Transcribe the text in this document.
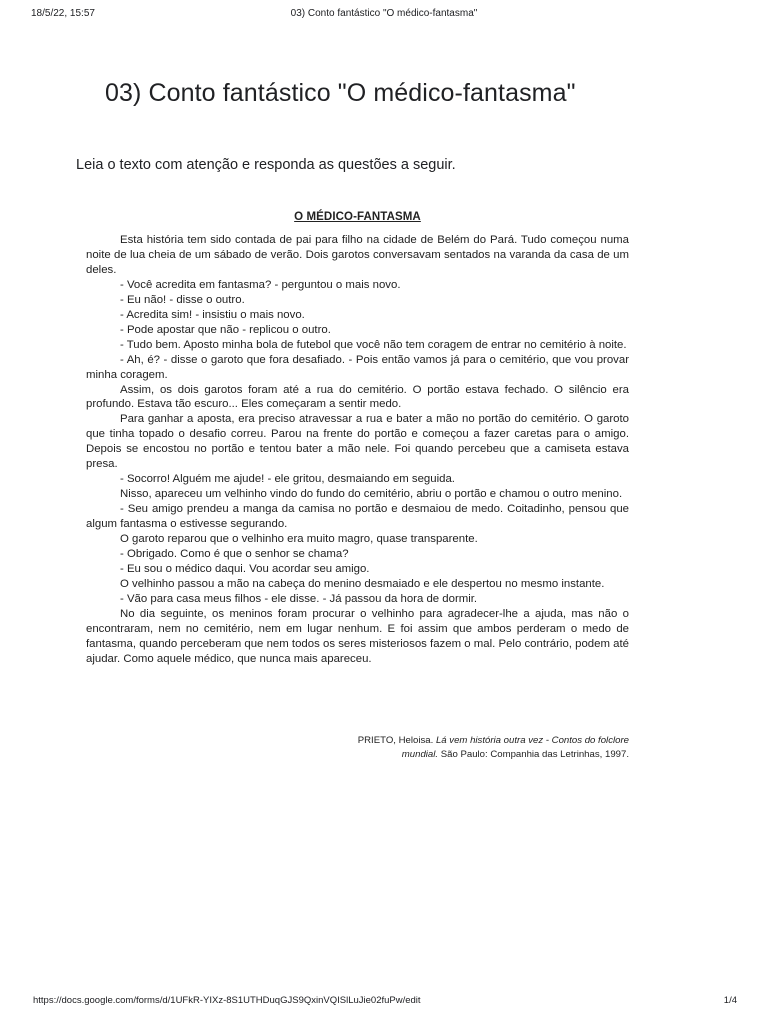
18/5/22, 15:57	03) Conto fantástico "O médico-fantasma"
03) Conto fantástico "O médico-fantasma"

Leia o texto com atenção e responda as questões a seguir.

O MÉDICO-FANTASMA

Esta história tem sido contada de pai para filho na cidade de Belém do Pará. Tudo começou numa noite de lua cheia de um sábado de verão. Dois garotos conversavam sentados na varanda da casa de um deles.

- Você acredita em fantasma? - perguntou o mais novo.

- Eu não! - disse o outro.

- Acredita sim! - insistiu o mais novo.

- Pode apostar que não - replicou o outro.

- Tudo bem. Aposto minha bola de futebol que você não tem coragem de entrar no cemitério à noite.

- Ah, é? - disse o garoto que fora desafiado. - Pois então vamos já para o cemitério, que vou provar minha coragem.

Assim, os dois garotos foram até a rua do cemitério. O portão estava fechado. O silêncio era profundo. Estava tão escuro... Eles começaram a sentir medo.

Para ganhar a aposta, era preciso atravessar a rua e bater a mão no portão do cemitério. O garoto que tinha topado o desafio correu. Parou na frente do portão e começou a fazer caretas para o amigo. Depois se encostou no portão e tentou bater a mão nele. Foi quando percebeu que a camiseta estava presa.

- Socorro! Alguém me ajude! - ele gritou, desmaiando em seguida.

Nisso, apareceu um velhinho vindo do fundo do cemitério, abriu o portão e chamou o outro menino.

- Seu amigo prendeu a manga da camisa no portão e desmaiou de medo. Coitadinho, pensou que algum fantasma o estivesse segurando.

O garoto reparou que o velhinho era muito magro, quase transparente.

- Obrigado. Como é que o senhor se chama?

- Eu sou o médico daqui. Vou acordar seu amigo.

O velhinho passou a mão na cabeça do menino desmaiado e ele despertou no mesmo instante.

- Vão para casa meus filhos - ele disse. - Já passou da hora de dormir.

No dia seguinte, os meninos foram procurar o velhinho para agradecer-lhe a ajuda, mas não o encontraram, nem no cemitério, nem em lugar nenhum. E foi assim que ambos perderam o medo de fantasma, quando perceberam que nem todos os seres misteriosos fazem o mal. Pelo contrário, podem até ajudar. Como aquele médico, que nunca mais apareceu.

PRIETO, Heloisa. Lá vem história outra vez - Contos do folclore mundial. São Paulo: Companhia das Letrinhas, 1997.
https://docs.google.com/forms/d/1UFkR-YIXz-8S1UTHDuqGJS9QxinVQISlLuJie02fuPw/edit	1/4
